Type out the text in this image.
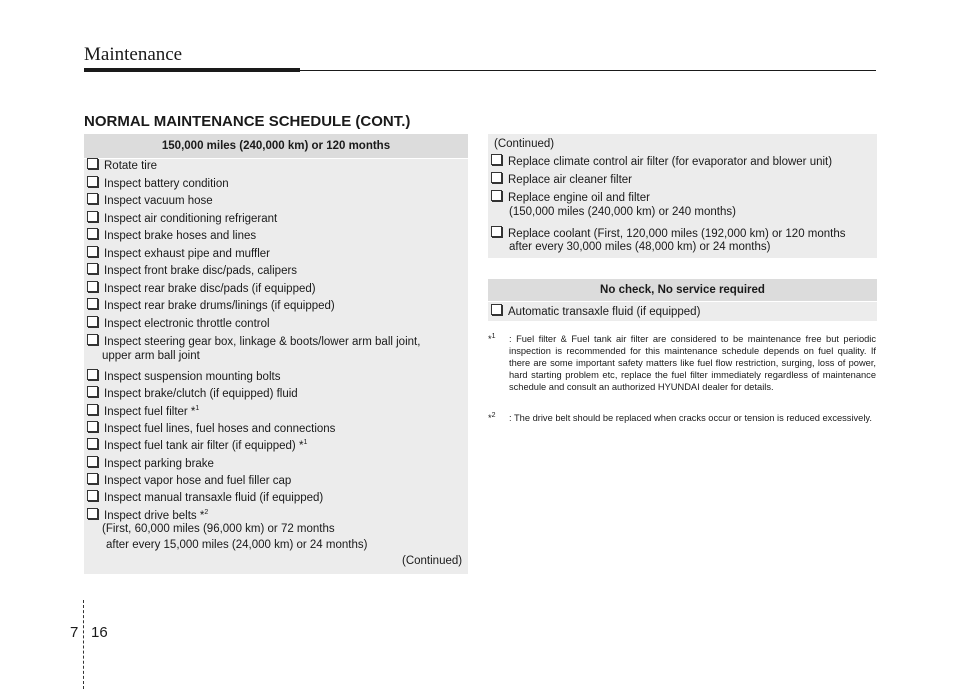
Maintenance
NORMAL MAINTENANCE SCHEDULE (CONT.)
150,000 miles (240,000 km) or 120 months
Rotate tire
Inspect battery condition
Inspect vacuum hose
Inspect air conditioning refrigerant
Inspect brake hoses and lines
Inspect exhaust pipe and muffler
Inspect front brake disc/pads, calipers
Inspect rear brake disc/pads (if equipped)
Inspect rear brake drums/linings (if equipped)
Inspect electronic throttle control
Inspect steering gear box, linkage & boots/lower arm ball joint,
Inspect suspension mounting bolts
Inspect brake/clutch (if equipped) fluid
Inspect fuel filter *$^1$
Inspect fuel lines, fuel hoses and connections
Inspect fuel tank air filter (if equipped) *$^1$
Inspect parking brake
Inspect vapor hose and fuel filler cap
Inspect manual transaxle fluid (if equipped)
Inspect drive belts *$^2$
upper arm ball joint
(First, 60,000 miles (96,000 km) or 72 months
after every 15,000 miles (24,000 km) or 24 months)
(Continued)
(Continued)
Replace climate control air filter (for evaporator and blower unit)
Replace air cleaner filter
Replace engine oil and filter
Replace coolant (First, 120,000 miles (192,000 km) or 120 months
(150,000 miles (240,000 km) or 240 months)
after every 30,000 miles (48,000 km) or 24 months)
No check, No service required
Automatic transaxle fluid (if equipped)
*$^1$ : Fuel filter & Fuel tank air filter are considered to be maintenance free but periodic inspection is recommended for this maintenance schedule depends on fuel quality. If there are some important safety matters like fuel flow restriction, surging, loss of power, hard starting problem etc, replace the fuel filter immediately regardless of maintenance schedule and consult an authorized HYUNDAI dealer for details.
*$^2$ : The drive belt should be replaced when cracks occur or tension is reduced excessively.
7 16
